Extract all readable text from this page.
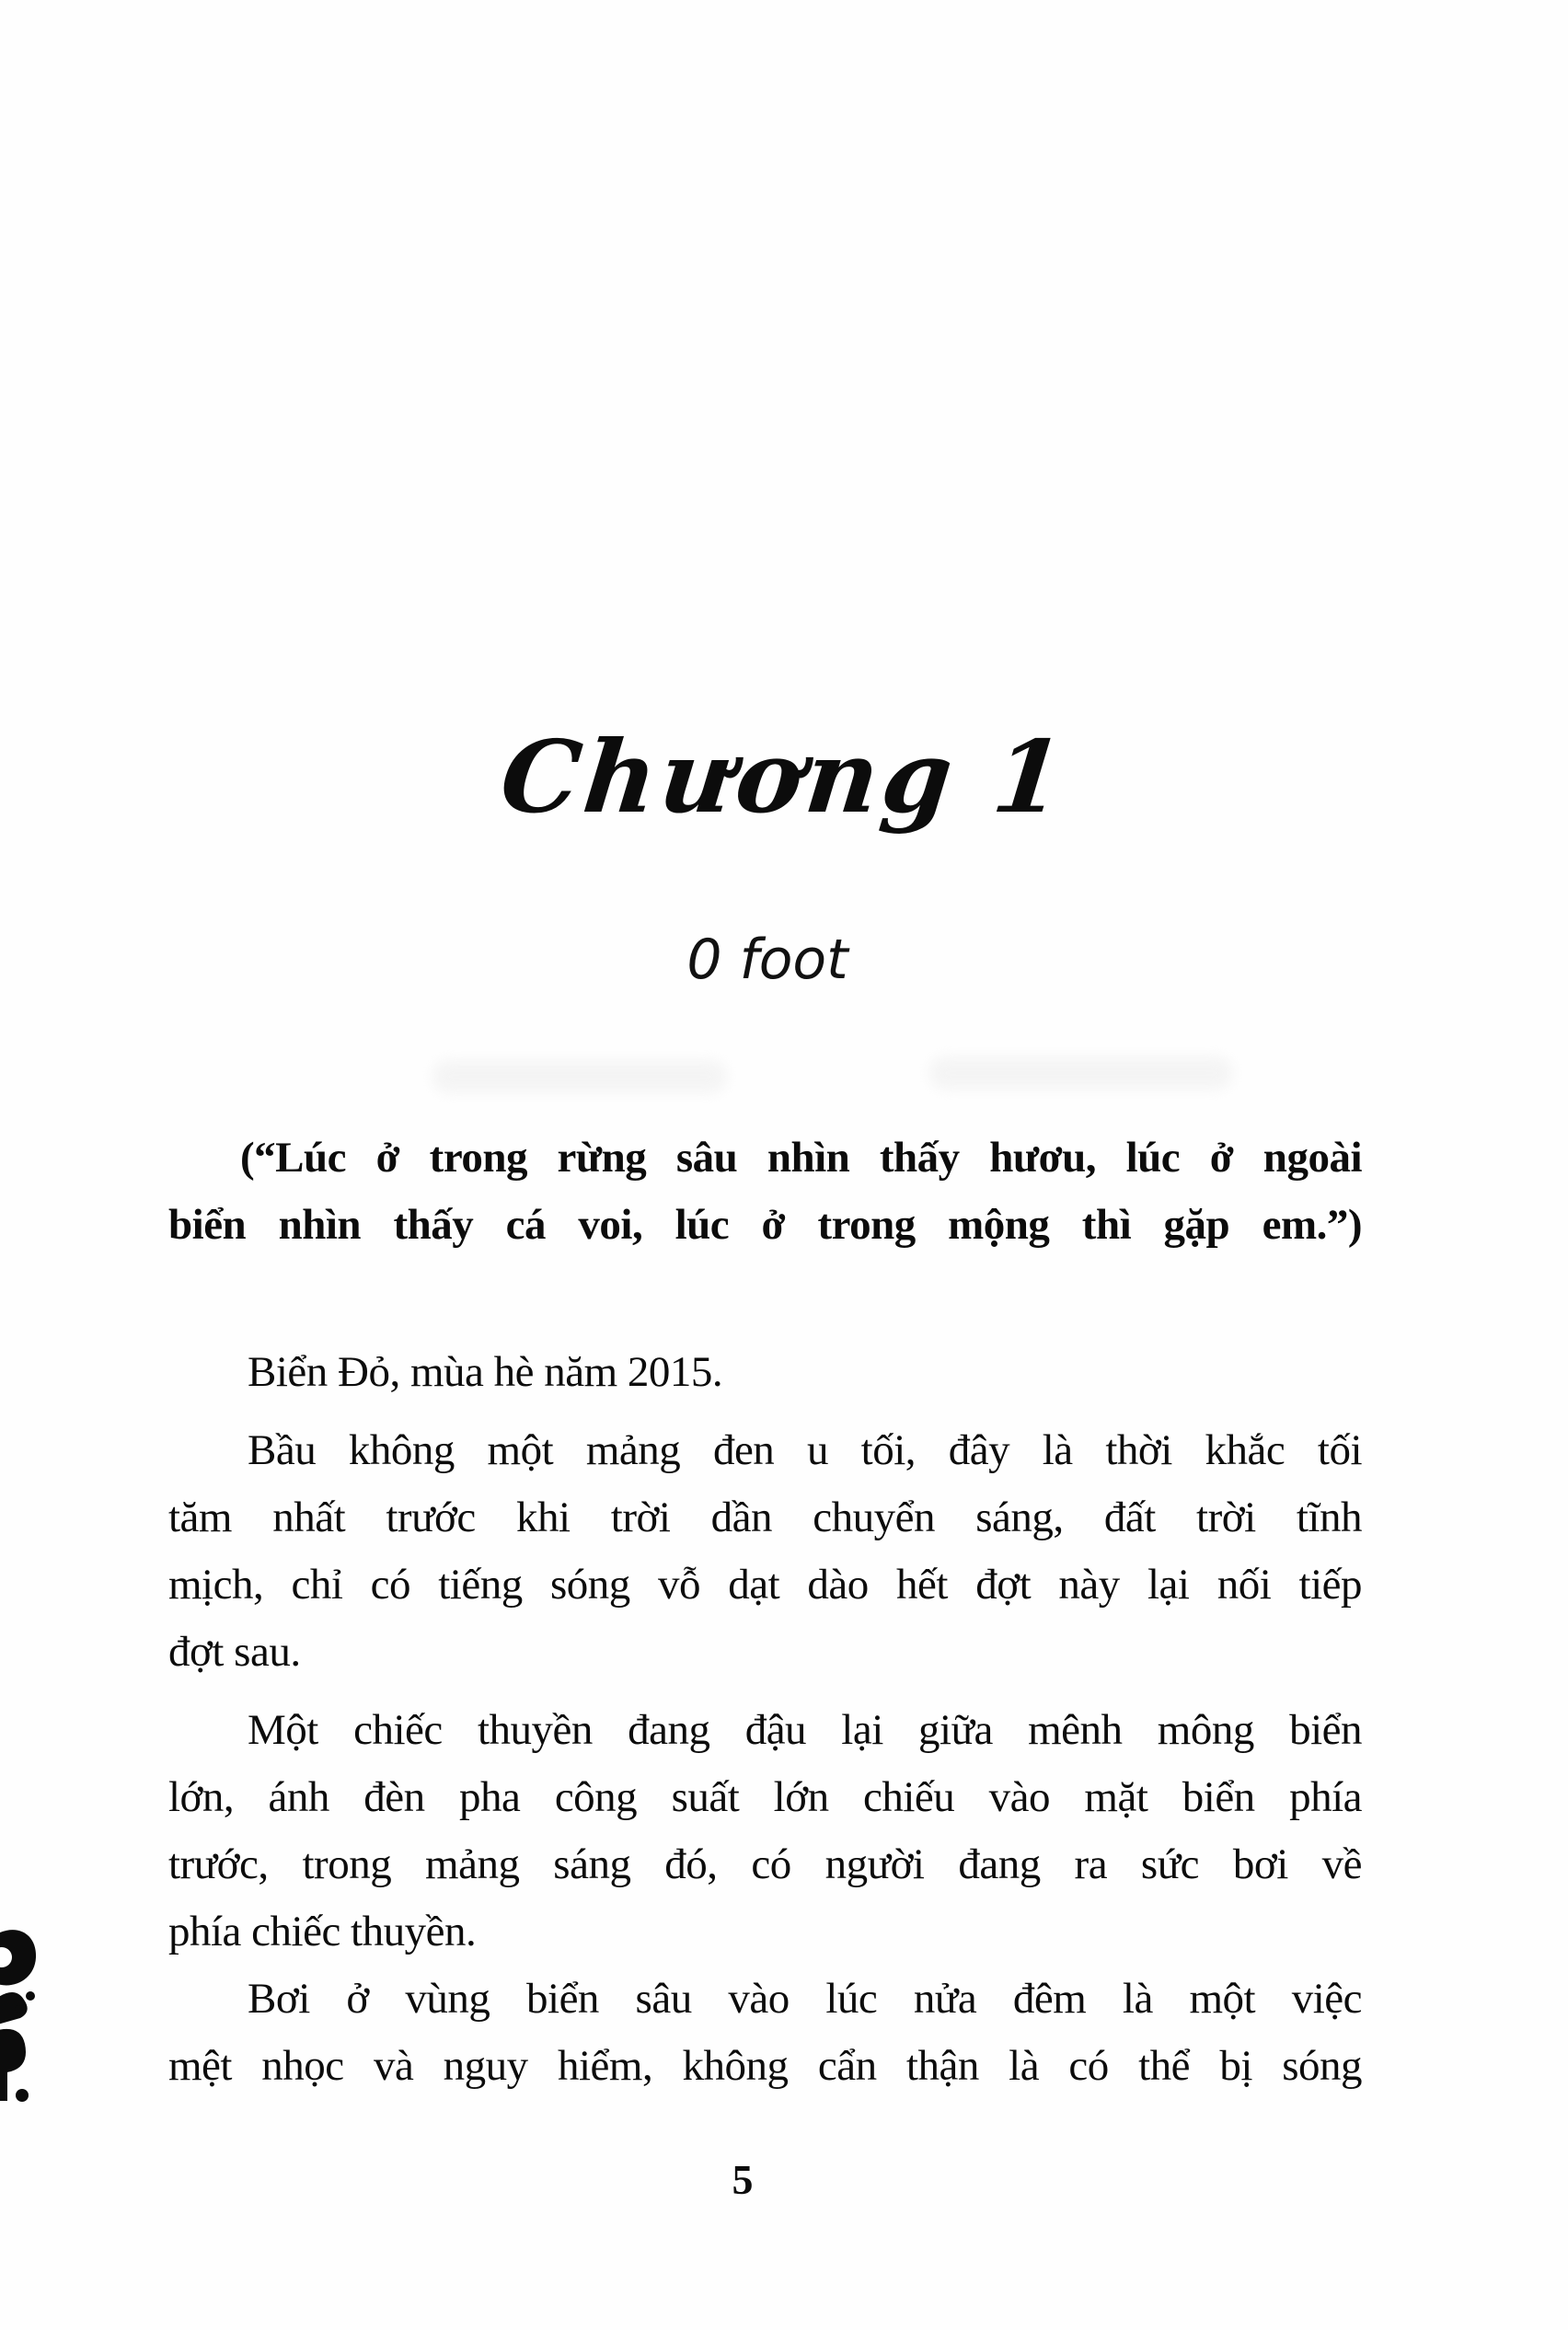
Chương 1
0 foot
(“Lúc ở trong rừng sâu nhìn thấy hươu, lúc ở ngoài
biển nhìn thấy cá voi, lúc ở trong mộng thì gặp em.”)
Biển Đỏ, mùa hè năm 2015.
Bầu không một mảng đen u tối, đây là thời khắc tối
tăm nhất trước khi trời dần chuyển sáng, đất trời tĩnh
mịch, chỉ có tiếng sóng vỗ dạt dào hết đợt này lại nối tiếp
đợt sau.
Một chiếc thuyền đang đậu lại giữa mênh mông biển
lớn, ánh đèn pha công suất lớn chiếu vào mặt biển phía
trước, trong mảng sáng đó, có người đang ra sức bơi về
phía chiếc thuyền.
Bơi ở vùng biển sâu vào lúc nửa đêm là một việc
mệt nhọc và nguy hiểm, không cẩn thận là có thể bị sóng
5
